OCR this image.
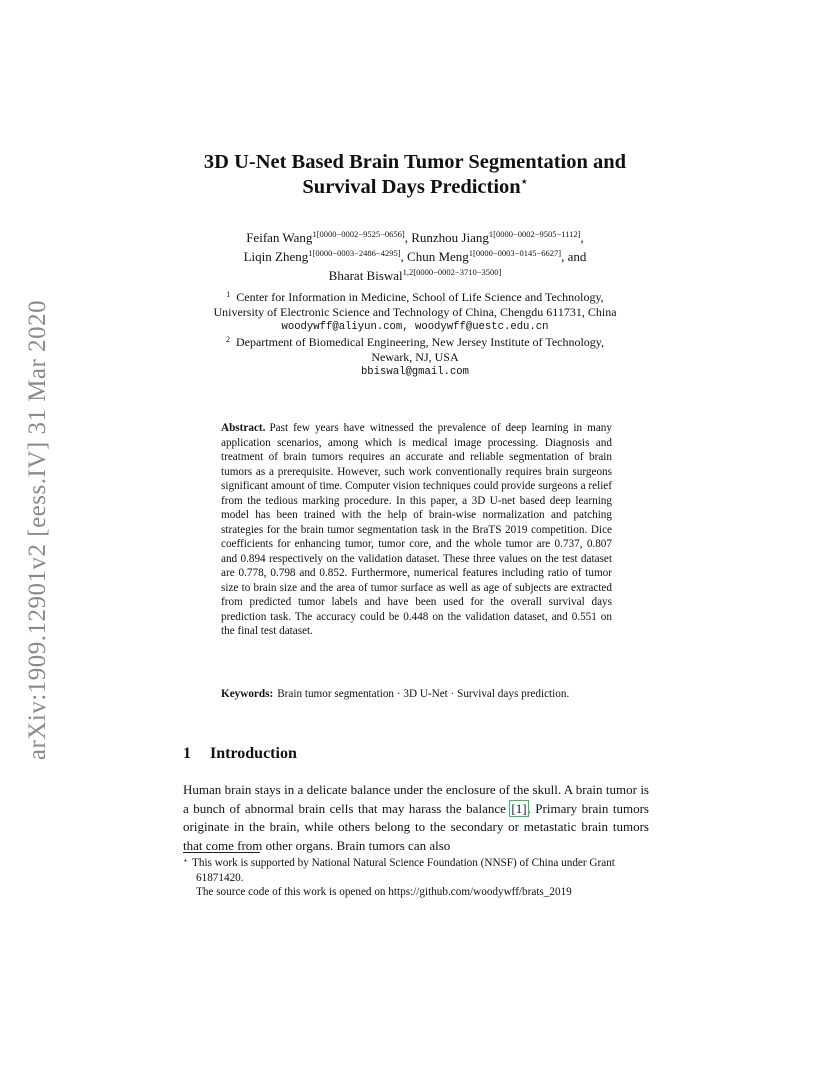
arXiv:1909.12901v2 [eess.IV] 31 Mar 2020
3D U-Net Based Brain Tumor Segmentation and
Survival Days Prediction⋆
Feifan Wang$^{1[0000-0002-9525-0656]}$, Runzhou Jiang$^{1[0000-0002-9505-1112]}$,
Liqin Zheng$^{1[0000-0003-2486-4295]}$, Chun Meng$^{1[0000-0003-0145-6627]}$, and
Bharat Biswal$^{1,2[0000-0002-3710-3500]}$
$^1$ Center for Information in Medicine, School of Life Science and Technology,
University of Electronic Science and Technology of China, Chengdu 611731, China
woodywff@aliyun.com, woodywff@uestc.edu.cn
$^2$ Department of Biomedical Engineering, New Jersey Institute of Technology,
Newark, NJ, USA
bbiswal@gmail.com
Abstract. Past few years have witnessed the prevalence of deep learning in many application scenarios, among which is medical image processing. Diagnosis and treatment of brain tumors requires an accurate and reliable segmentation of brain tumors as a prerequisite. However, such work conventionally requires brain surgeons significant amount of time. Computer vision techniques could provide surgeons a relief from the tedious marking procedure. In this paper, a 3D U-net based deep learning model has been trained with the help of brain-wise normalization and patching strategies for the brain tumor segmentation task in the BraTS 2019 competition. Dice coefficients for enhancing tumor, tumor core, and the whole tumor are 0.737, 0.807 and 0.894 respectively on the validation dataset. These three values on the test dataset are 0.778, 0.798 and 0.852. Furthermore, numerical features including ratio of tumor size to brain size and the area of tumor surface as well as age of subjects are extracted from predicted tumor labels and have been used for the overall survival days prediction task. The accuracy could be 0.448 on the validation dataset, and 0.551 on the final test dataset.
Keywords: Brain tumor segmentation · 3D U-Net · Survival days prediction.
1 Introduction
Human brain stays in a delicate balance under the enclosure of the skull. A brain tumor is a bunch of abnormal brain cells that may harass the balance [1]. Primary brain tumors originate in the brain, while others belong to the secondary or metastatic brain tumors that come from other organs. Brain tumors can also
⋆ This work is supported by National Natural Science Foundation (NNSF) of China under Grant 61871420.
The source code of this work is opened on https://github.com/woodywff/brats_2019
